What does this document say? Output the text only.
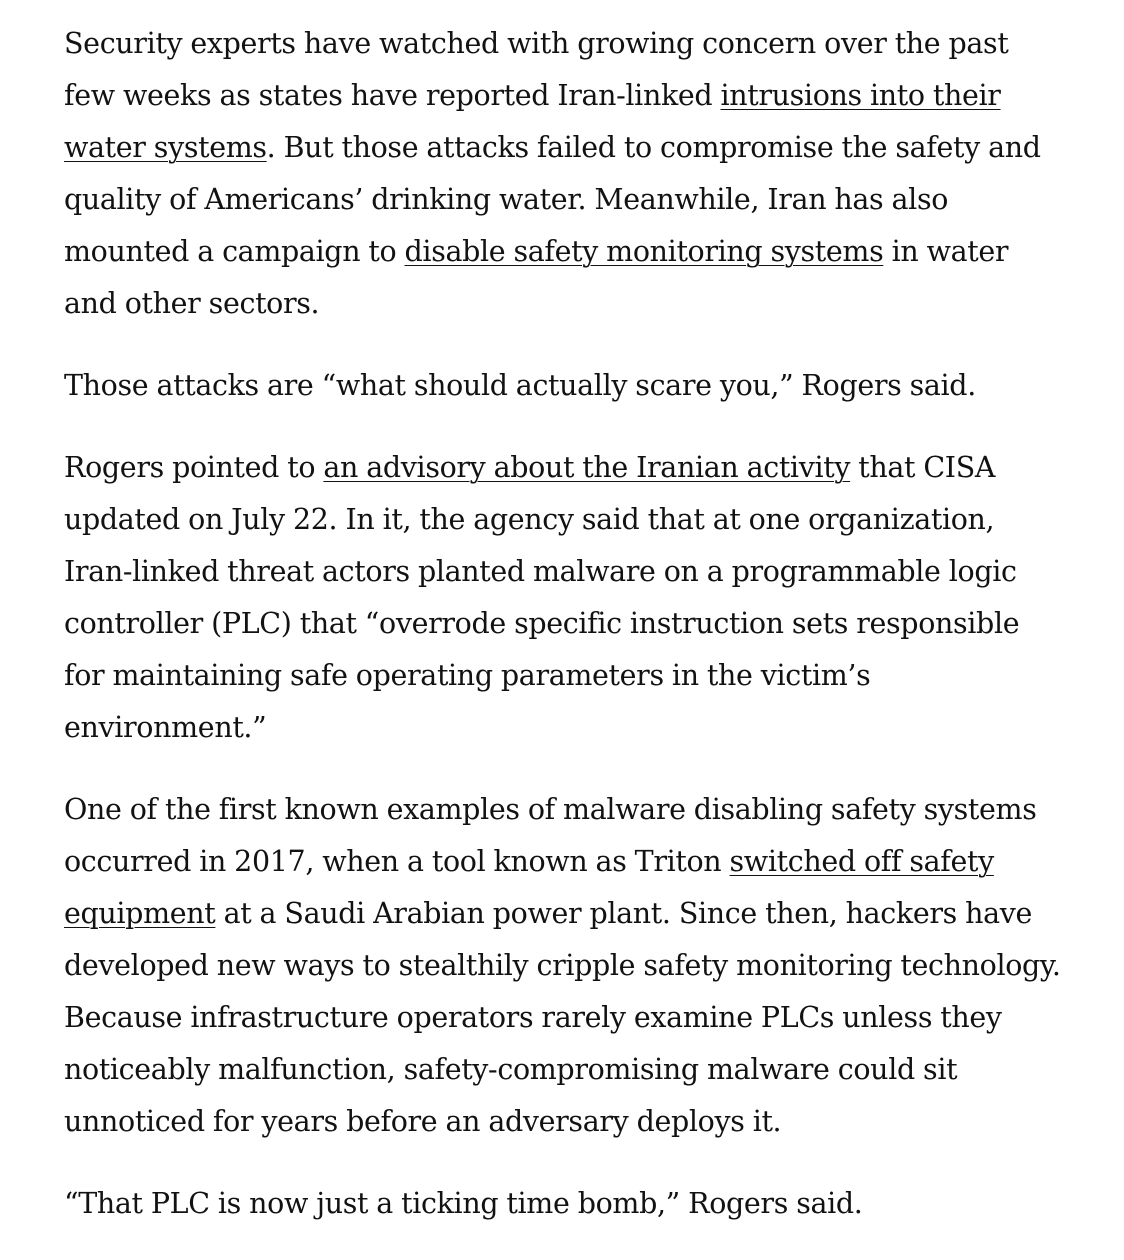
Security experts have watched with growing concern over the past few weeks as states have reported Iran-linked intrusions into their water systems. But those attacks failed to compromise the safety and quality of Americans’ drinking water. Meanwhile, Iran has also mounted a campaign to disable safety monitoring systems in water and other sectors.

Those attacks are “what should actually scare you,” Rogers said.

Rogers pointed to an advisory about the Iranian activity that CISA updated on July 22. In it, the agency said that at one organization, Iran-linked threat actors planted malware on a programmable logic controller (PLC) that “overrode specific instruction sets responsible for maintaining safe operating parameters in the victim’s environment.”

One of the first known examples of malware disabling safety systems occurred in 2017, when a tool known as Triton switched off safety equipment at a Saudi Arabian power plant. Since then, hackers have developed new ways to stealthily cripple safety monitoring technology. Because infrastructure operators rarely examine PLCs unless they noticeably malfunction, safety-compromising malware could sit unnoticed for years before an adversary deploys it.

“That PLC is now just a ticking time bomb,” Rogers said.
